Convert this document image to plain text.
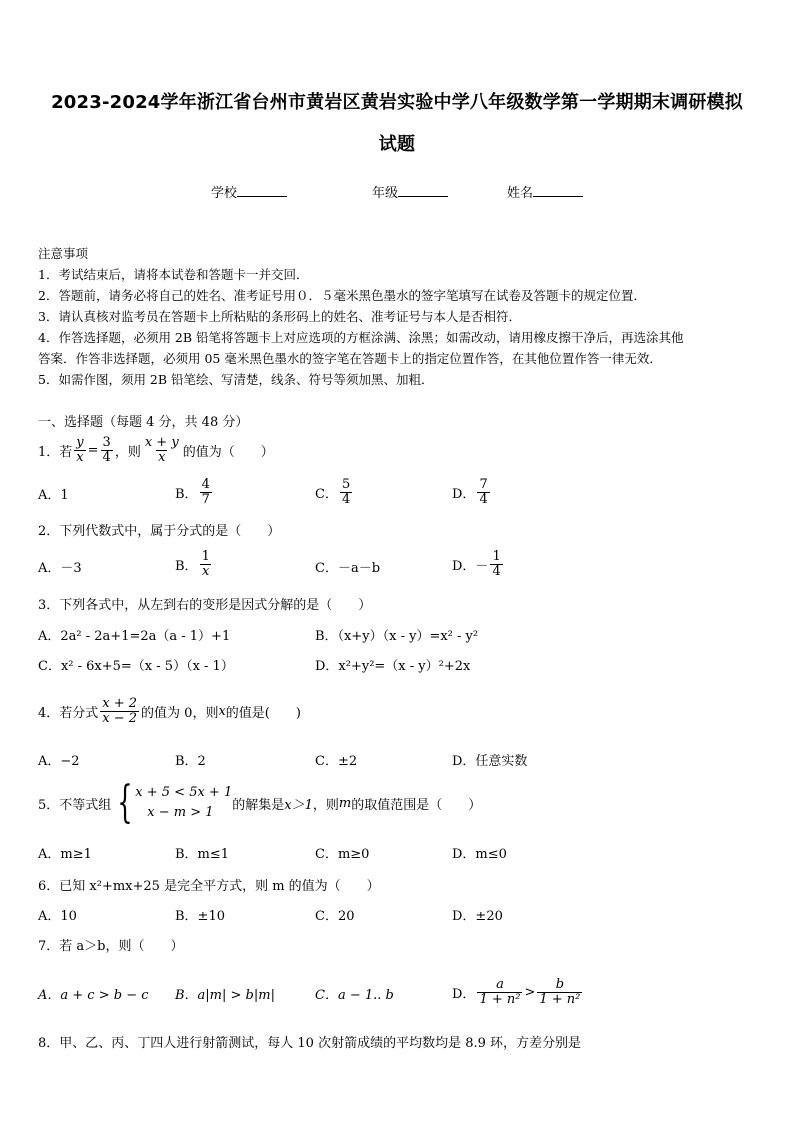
2023-2024学年浙江省台州市黄岩区黄岩实验中学八年级数学第一学期期末调研模拟
试题
学校	年级	姓名
注意事项
1．考试结束后，请将本试卷和答题卡一并交回．
2．答题前，请务必将自己的姓名、准考证号用０．５毫米黑色墨水的签字笔填写在试卷及答题卡的规定位置．
3．请认真核对监考员在答题卡上所粘贴的条形码上的姓名、准考证号与本人是否相符．
4．作答选择题，必须用 2B 铅笔将答题卡上对应选项的方框涂满、涂黑；如需改动，请用橡皮擦干净后，再选涂其他
答案．作答非选择题，必须用 05 毫米黑色墨水的签字笔在答题卡上的指定位置作答，在其他位置作答一律无效．
5．如需作图，须用 2B 铅笔绘、写清楚，线条、符号等须加黑、加粗．
一、选择题（每题 4 分，共 48 分）
1．若 $\frac{y}{x} = \frac{3}{4}$ ，则 $\frac{x + y}{x}$ 的值为（　　）
A．1	B． $\frac{4}{7}$	C． $\frac{5}{4}$	D． $\frac{7}{4}$
2．下列代数式中，属于分式的是（　　）
A．－3	B． $\frac{1}{x}$	C．－a－b	D．－ $\frac{1}{4}$
3．下列各式中，从左到右的变形是因式分解的是（　　）
A．2a² - 2a+1=2a（a - 1）+1	B．（x+y）（x - y）=x² - y²
C．x² - 6x+5=（x - 5）（x - 1）	D．x²+y²=（x - y）²+2x
4．若分式 $\frac{x + 2}{x - 2}$ 的值为 0，则 x 的值是(　　)
A．−2	B．2	C．±2	D．任意实数
5．不等式组 { x + 5 < 5x + 1
x − m > 1	的解集是 x＞1 ，则 m 的取值范围是（　　）
A．m≥1	B．m≤1	C．m≥0	D．m≤0
6．已知 x²+mx+25 是完全平方式，则 m 的值为（　　）
A．10	B．±10	C．20	D．±20
7．若 a＞b，则（　　）
A．a + c > b − c B．a|m| > b|m|	C．a − 1.. b	D． $\frac{a}{\text{1 + n²}} > \frac{b}{\text{1 + n²}}$
8．甲、乙、丙、丁四人进行射箭测试，每人 10 次射箭成绩的平均数均是 8.9 环，方差分别是
